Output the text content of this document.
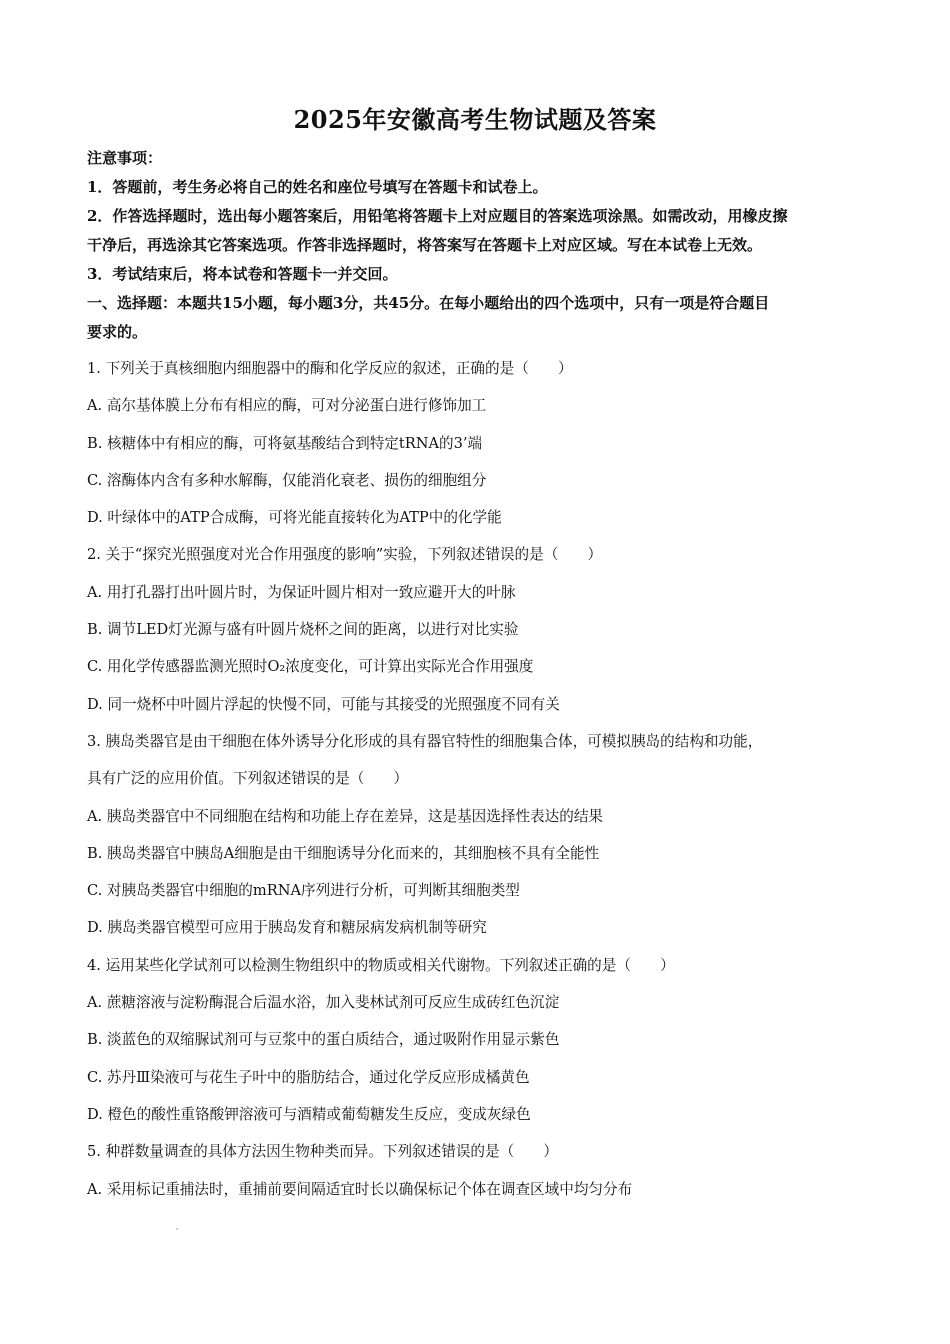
2025年安徽高考生物试题及答案
注意事项：
1．答题前，考生务必将自己的姓名和座位号填写在答题卡和试卷上。
2．作答选择题时，选出每小题答案后，用铅笔将答题卡上对应题目的答案选项涂黑。如需改动，用橡皮擦
干净后，再选涂其它答案选项。作答非选择题时，将答案写在答题卡上对应区域。写在本试卷上无效。
3．考试结束后，将本试卷和答题卡一并交回。
一、选择题：本题共15小题，每小题3分，共45分。在每小题给出的四个选项中，只有一项是符合题目
要求的。
1. 下列关于真核细胞内细胞器中的酶和化学反应的叙述，正确的是（　　）
A. 高尔基体膜上分布有相应的酶，可对分泌蛋白进行修饰加工
B. 核糖体中有相应的酶，可将氨基酸结合到特定tRNA的3’端
C. 溶酶体内含有多种水解酶，仅能消化衰老、损伤的细胞组分
D. 叶绿体中的ATP合成酶，可将光能直接转化为ATP中的化学能
2. 关于“探究光照强度对光合作用强度的影响”实验，下列叙述错误的是（　　）
A. 用打孔器打出叶圆片时，为保证叶圆片相对一致应避开大的叶脉
B. 调节LED灯光源与盛有叶圆片烧杯之间的距离，以进行对比实验
C. 用化学传感器监测光照时O₂浓度变化，可计算出实际光合作用强度
D. 同一烧杯中叶圆片浮起的快慢不同，可能与其接受的光照强度不同有关
3. 胰岛类器官是由干细胞在体外诱导分化形成的具有器官特性的细胞集合体，可模拟胰岛的结构和功能，
具有广泛的应用价值。下列叙述错误的是（　　）
A. 胰岛类器官中不同细胞在结构和功能上存在差异，这是基因选择性表达的结果
B. 胰岛类器官中胰岛A细胞是由干细胞诱导分化而来的，其细胞核不具有全能性
C. 对胰岛类器官中细胞的mRNA序列进行分析，可判断其细胞类型
D. 胰岛类器官模型可应用于胰岛发育和糖尿病发病机制等研究
4. 运用某些化学试剂可以检测生物组织中的物质或相关代谢物。下列叙述正确的是（　　）
A. 蔗糖溶液与淀粉酶混合后温水浴，加入斐林试剂可反应生成砖红色沉淀
B. 淡蓝色的双缩脲试剂可与豆浆中的蛋白质结合，通过吸附作用显示紫色
C. 苏丹Ⅲ染液可与花生子叶中的脂肪结合，通过化学反应形成橘黄色
D. 橙色的酸性重铬酸钾溶液可与酒精或葡萄糖发生反应，变成灰绿色
5. 种群数量调查的具体方法因生物种类而异。下列叙述错误的是（　　）
A. 采用标记重捕法时，重捕前要间隔适宜时长以确保标记个体在调查区域中均匀分布
